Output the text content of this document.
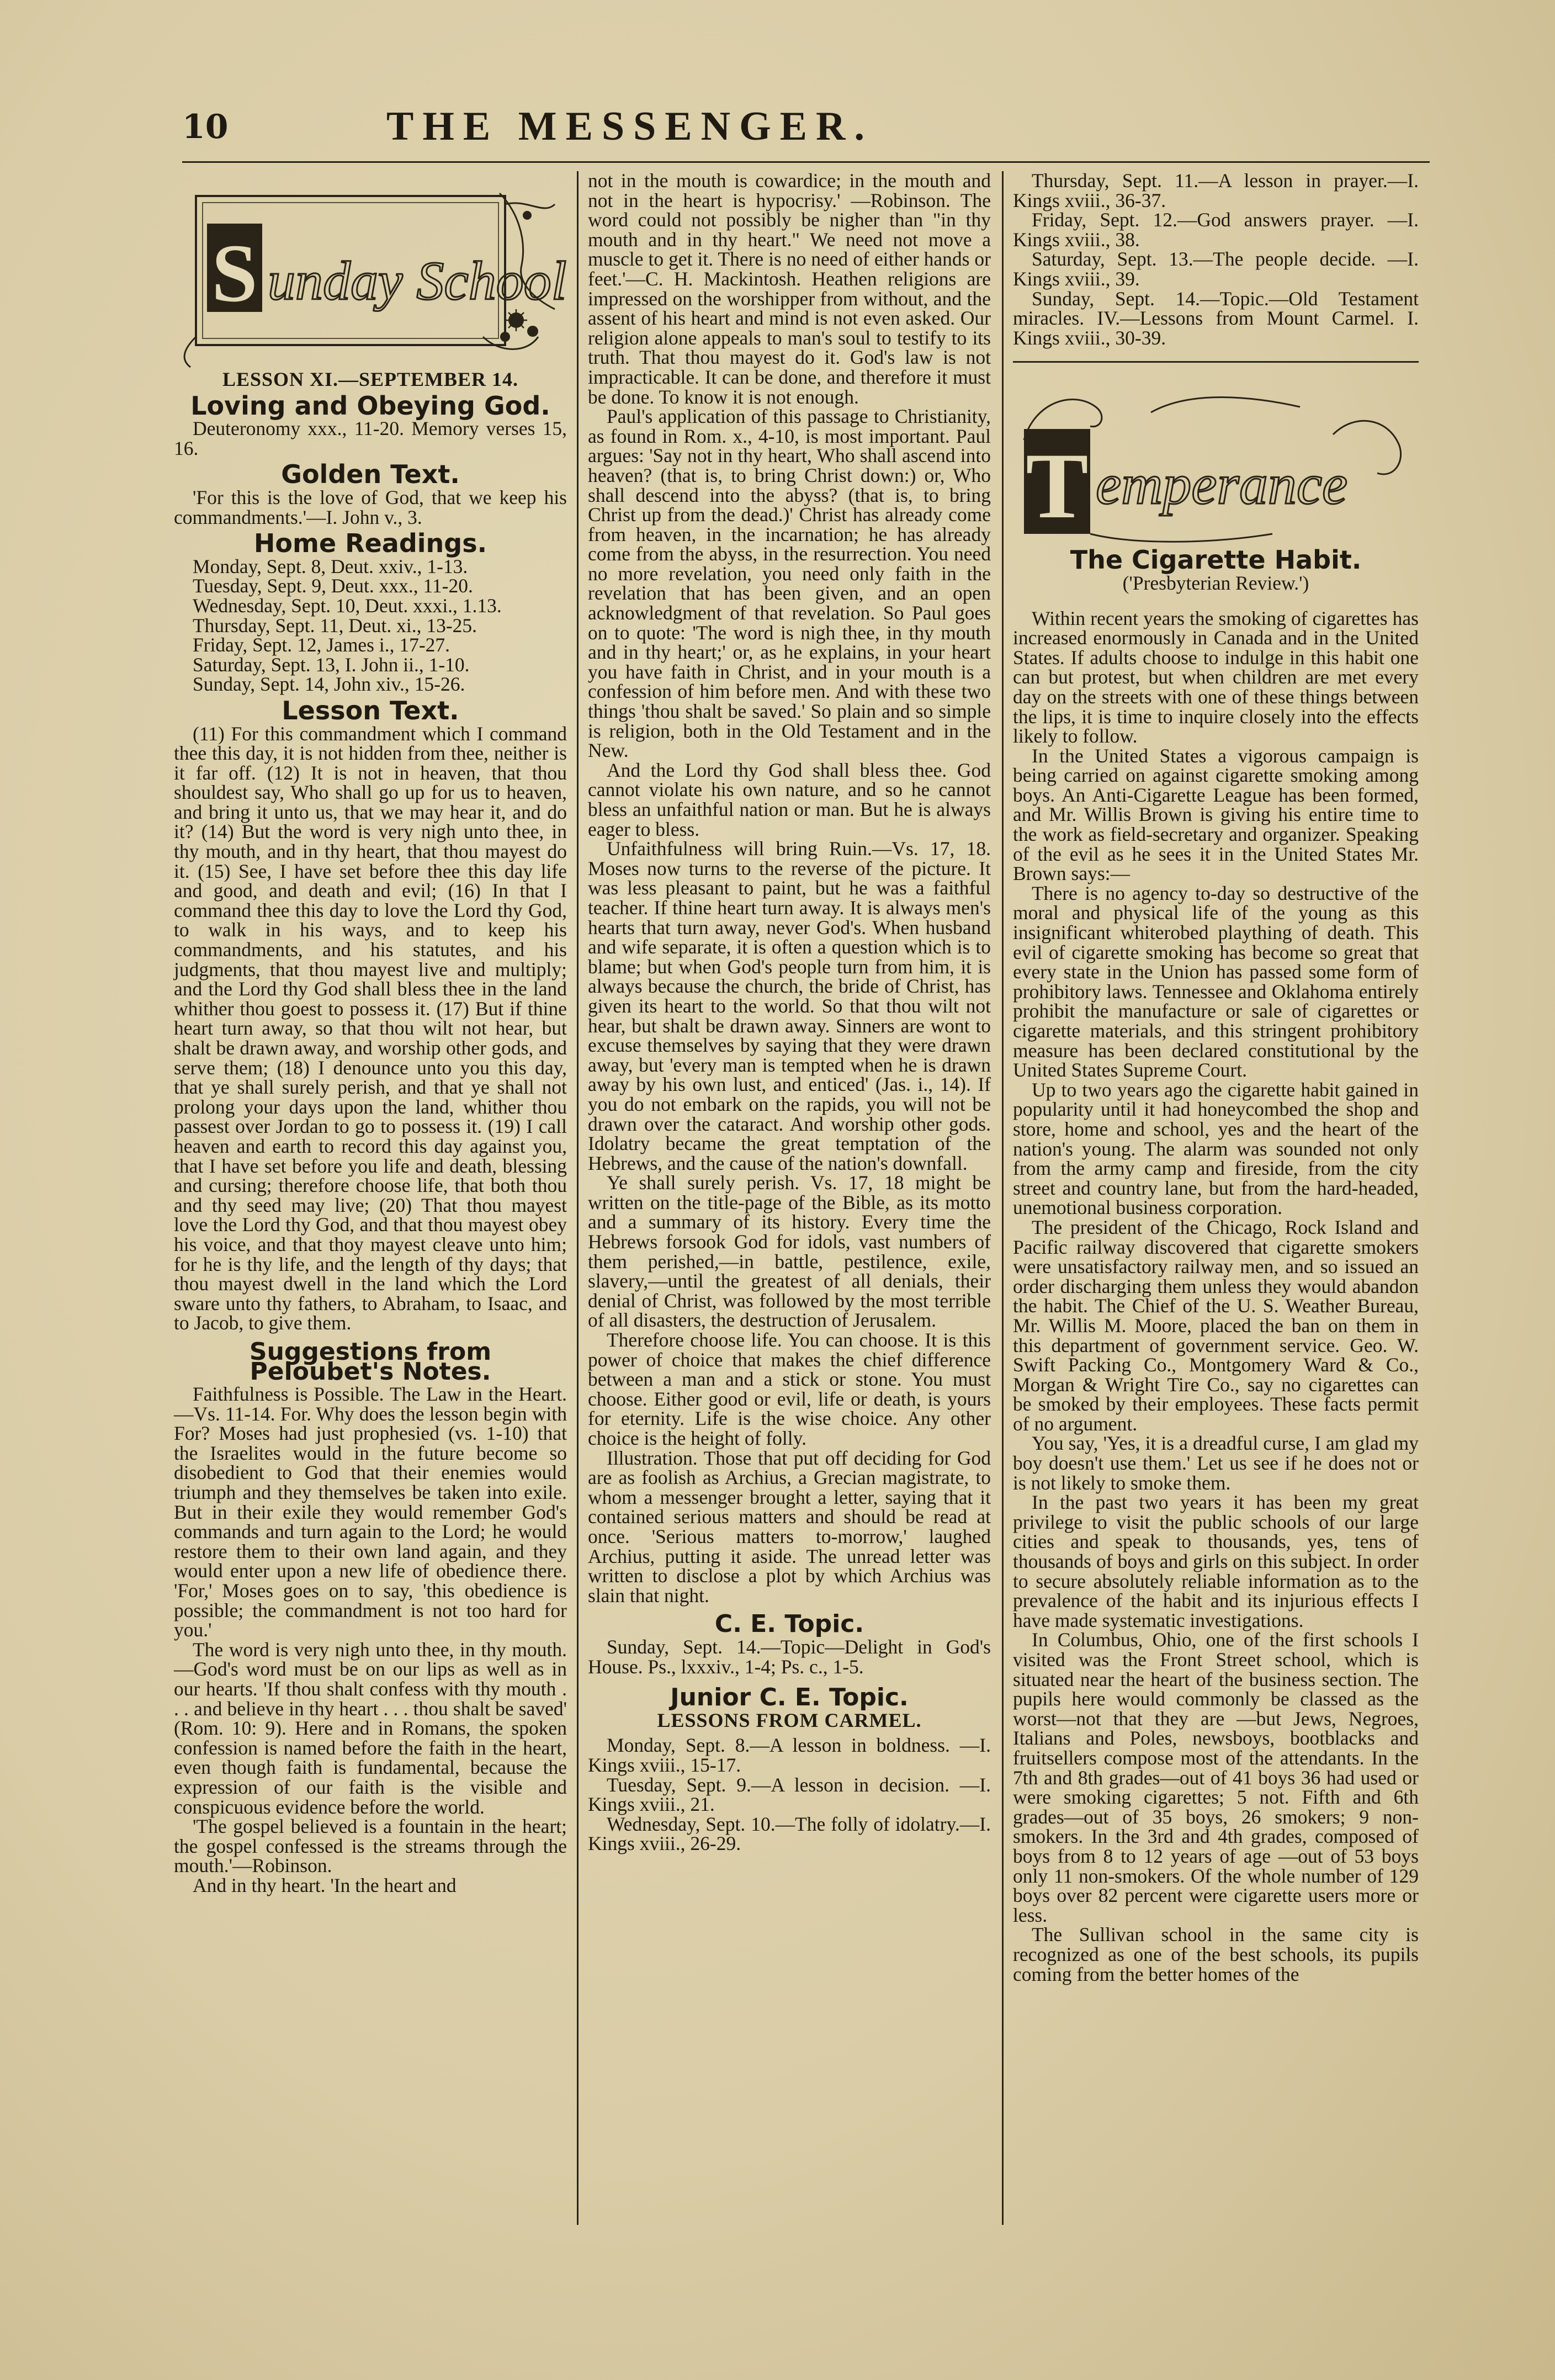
10	THE MESSENGER.
S unday School
LESSON XI.—SEPTEMBER 14.
Loving and Obeying God.

Deuteronomy xxx., 11-20. Memory verses 15, 16.

Golden Text.

'For this is the love of God, that we keep his commandments.'—I. John v., 3.

Home Readings.
Monday, Sept. 8, Deut. xxiv., 1-13.
Tuesday, Sept. 9, Deut. xxx., 11-20.
Wednesday, Sept. 10, Deut. xxxi., 1.13.
Thursday, Sept. 11, Deut. xi., 13-25.
Friday, Sept. 12, James i., 17-27.
Saturday, Sept. 13, I. John ii., 1-10.
Sunday, Sept. 14, John xiv., 15-26.
Lesson Text.

(11) For this commandment which I command thee this day, it is not hidden from thee, neither is it far off. (12) It is not in heaven, that thou shouldest say, Who shall go up for us to heaven, and bring it unto us, that we may hear it, and do it? (14) But the word is very nigh unto thee, in thy mouth, and in thy heart, that thou mayest do it. (15) See, I have set before thee this day life and good, and death and evil; (16) In that I command thee this day to love the Lord thy God, to walk in his ways, and to keep his commandments, and his statutes, and his judgments, that thou mayest live and multiply; and the Lord thy God shall bless thee in the land whither thou goest to possess it. (17) But if thine heart turn away, so that thou wilt not hear, but shalt be drawn away, and worship other gods, and serve them; (18) I denounce unto you this day, that ye shall surely perish, and that ye shall not prolong your days upon the land, whither thou passest over Jordan to go to possess it. (19) I call heaven and earth to record this day against you, that I have set before you life and death, blessing and cursing; therefore choose life, that both thou and thy seed may live; (20) That thou mayest love the Lord thy God, and that thou mayest obey his voice, and that thoy mayest cleave unto him; for he is thy life, and the length of thy days; that thou mayest dwell in the land which the Lord sware unto thy fathers, to Abraham, to Isaac, and to Jacob, to give them.

Suggestions from Peloubet's Notes.

Faithfulness is Possible. The Law in the Heart.—Vs. 11-14. For. Why does the lesson begin with For? Moses had just prophesied (vs. 1-10) that the Israelites would in the future become so disobedient to God that their enemies would triumph and they themselves be taken into exile. But in their exile they would remember God's commands and turn again to the Lord; he would restore them to their own land again, and they would enter upon a new life of obedience there. 'For,' Moses goes on to say, 'this obedience is possible; the commandment is not too hard for you.'

The word is very nigh unto thee, in thy mouth.—God's word must be on our lips as well as in our hearts. 'If thou shalt confess with thy mouth . . . and believe in thy heart . . . thou shalt be saved' (Rom. 10: 9). Here and in Romans, the spoken confession is named before the faith in the heart, even though faith is fundamental, because the expression of our faith is the visible and conspicuous evidence before the world.

'The gospel believed is a fountain in the heart; the gospel confessed is the streams through the mouth.'—Robinson.

And in thy heart. 'In the heart and

not in the mouth is cowardice; in the mouth and not in the heart is hypocrisy.' —Robinson. The word could not possibly be nigher than "in thy mouth and in thy heart." We need not move a muscle to get it. There is no need of either hands or feet.'—C. H. Mackintosh. Heathen religions are impressed on the worshipper from without, and the assent of his heart and mind is not even asked. Our religion alone appeals to man's soul to testify to its truth. That thou mayest do it. God's law is not impracticable. It can be done, and therefore it must be done. To know it is not enough.

Paul's application of this passage to Christianity, as found in Rom. x., 4-10, is most important. Paul argues: 'Say not in thy heart, Who shall ascend into heaven? (that is, to bring Christ down:) or, Who shall descend into the abyss? (that is, to bring Christ up from the dead.)' Christ has already come from heaven, in the incarnation; he has already come from the abyss, in the resurrection. You need no more revelation, you need only faith in the revelation that has been given, and an open acknowledgment of that revelation. So Paul goes on to quote: 'The word is nigh thee, in thy mouth and in thy heart;' or, as he explains, in your heart you have faith in Christ, and in your mouth is a confession of him before men. And with these two things 'thou shalt be saved.' So plain and so simple is religion, both in the Old Testament and in the New.

And the Lord thy God shall bless thee. God cannot violate his own nature, and so he cannot bless an unfaithful nation or man. But he is always eager to bless.

Unfaithfulness will bring Ruin.—Vs. 17, 18. Moses now turns to the reverse of the picture. It was less pleasant to paint, but he was a faithful teacher. If thine heart turn away. It is always men's hearts that turn away, never God's. When husband and wife separate, it is often a question which is to blame; but when God's people turn from him, it is always because the church, the bride of Christ, has given its heart to the world. So that thou wilt not hear, but shalt be drawn away. Sinners are wont to excuse themselves by saying that they were drawn away, but 'every man is tempted when he is drawn away by his own lust, and enticed' (Jas. i., 14). If you do not embark on the rapids, you will not be drawn over the cataract. And worship other gods. Idolatry became the great temptation of the Hebrews, and the cause of the nation's downfall.

Ye shall surely perish. Vs. 17, 18 might be written on the title-page of the Bible, as its motto and a summary of its history. Every time the Hebrews forsook God for idols, vast numbers of them perished,—in battle, pestilence, exile, slavery,—until the greatest of all denials, their denial of Christ, was followed by the most terrible of all disasters, the destruction of Jerusalem.

Therefore choose life. You can choose. It is this power of choice that makes the chief difference between a man and a stick or stone. You must choose. Either good or evil, life or death, is yours for eternity. Life is the wise choice. Any other choice is the height of folly.

Illustration. Those that put off deciding for God are as foolish as Archius, a Grecian magistrate, to whom a messenger brought a letter, saying that it contained serious matters and should be read at once. 'Serious matters to-morrow,' laughed Archius, putting it aside. The unread letter was written to disclose a plot by which Archius was slain that night.

C. E. Topic.

Sunday, Sept. 14.—Topic—Delight in God's House. Ps., lxxxiv., 1-4; Ps. c., 1-5.

Junior C. E. Topic.
LESSONS FROM CARMEL.

Monday, Sept. 8.—A lesson in boldness. —I. Kings xviii., 15-17.

Tuesday, Sept. 9.—A lesson in decision. —I. Kings xviii., 21.

Wednesday, Sept. 10.—The folly of idolatry.—I. Kings xviii., 26-29.

Thursday, Sept. 11.—A lesson in prayer.—I. Kings xviii., 36-37.

Friday, Sept. 12.—God answers prayer. —I. Kings xviii., 38.

Saturday, Sept. 13.—The people decide. —I. Kings xviii., 39.

Sunday, Sept. 14.—Topic.—Old Testament miracles. IV.—Lessons from Mount Carmel. I. Kings xviii., 30-39.

T emperance
The Cigarette Habit.
('Presbyterian Review.')

Within recent years the smoking of cigarettes has increased enormously in Canada and in the United States. If adults choose to indulge in this habit one can but protest, but when children are met every day on the streets with one of these things between the lips, it is time to inquire closely into the effects likely to follow.

In the United States a vigorous campaign is being carried on against cigarette smoking among boys. An Anti-Cigarette League has been formed, and Mr. Willis Brown is giving his entire time to the work as field-secretary and organizer. Speaking of the evil as he sees it in the United States Mr. Brown says:—

There is no agency to-day so destructive of the moral and physical life of the young as this insignificant whiterobed plaything of death. This evil of cigarette smoking has become so great that every state in the Union has passed some form of prohibitory laws. Tennessee and Oklahoma entirely prohibit the manufacture or sale of cigarettes or cigarette materials, and this stringent prohibitory measure has been declared constitutional by the United States Supreme Court.

Up to two years ago the cigarette habit gained in popularity until it had honeycombed the shop and store, home and school, yes and the heart of the nation's young. The alarm was sounded not only from the army camp and fireside, from the city street and country lane, but from the hard-headed, unemotional business corporation.

The president of the Chicago, Rock Island and Pacific railway discovered that cigarette smokers were unsatisfactory railway men, and so issued an order discharging them unless they would abandon the habit. The Chief of the U. S. Weather Bureau, Mr. Willis M. Moore, placed the ban on them in this department of government service. Geo. W. Swift Packing Co., Montgomery Ward & Co., Morgan & Wright Tire Co., say no cigarettes can be smoked by their employees. These facts permit of no argument.

You say, 'Yes, it is a dreadful curse, I am glad my boy doesn't use them.' Let us see if he does not or is not likely to smoke them.

In the past two years it has been my great privilege to visit the public schools of our large cities and speak to thousands, yes, tens of thousands of boys and girls on this subject. In order to secure absolutely reliable information as to the prevalence of the habit and its injurious effects I have made systematic investigations.

In Columbus, Ohio, one of the first schools I visited was the Front Street school, which is situated near the heart of the business section. The pupils here would commonly be classed as the worst—not that they are —but Jews, Negroes, Italians and Poles, newsboys, bootblacks and fruitsellers compose most of the attendants. In the 7th and 8th grades—out of 41 boys 36 had used or were smoking cigarettes; 5 not. Fifth and 6th grades—out of 35 boys, 26 smokers; 9 non-smokers. In the 3rd and 4th grades, composed of boys from 8 to 12 years of age —out of 53 boys only 11 non-smokers. Of the whole number of 129 boys over 82 percent were cigarette users more or less.

The Sullivan school in the same city is recognized as one of the best schools, its pupils coming from the better homes of the
